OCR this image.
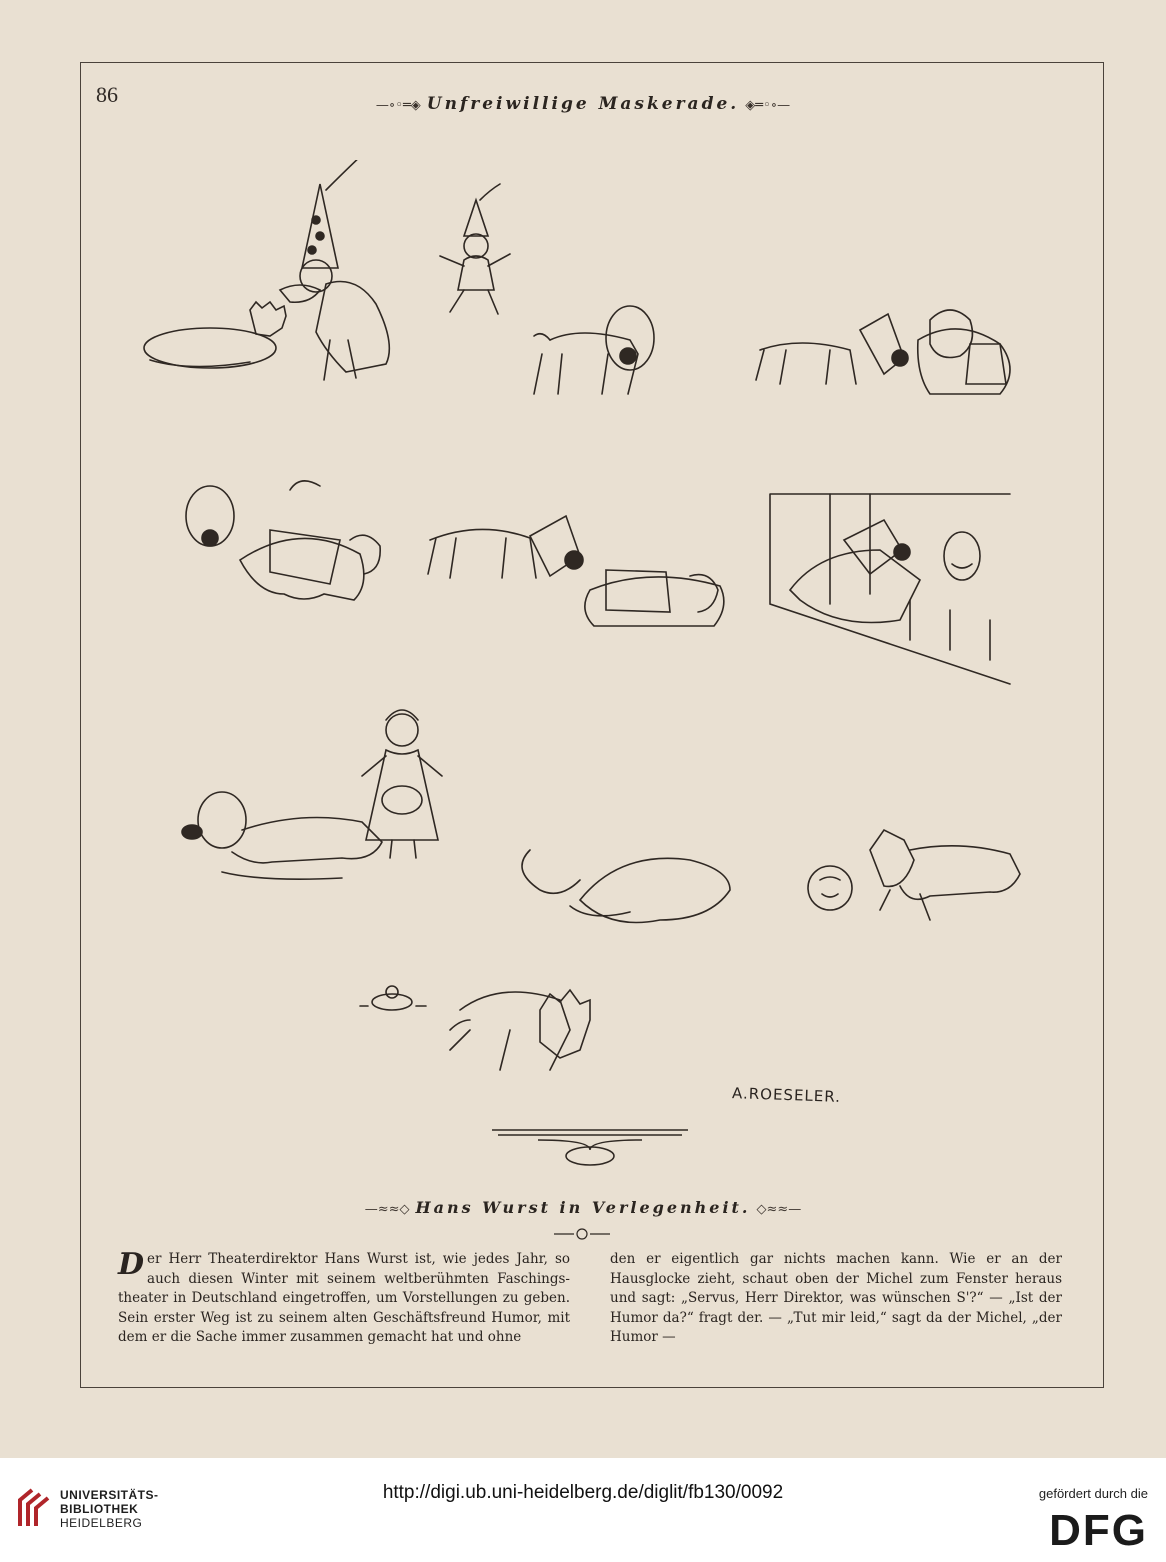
86	—∘◦═◈ Unfreiwillige Maskerade. ◈═◦∘—
A.ROESELER.
—≈≈◇ Hans Wurst in Verlegenheit. ◇≈≈—
Der Herr Theaterdirektor Hans Wurst ist, wie jedes Jahr, so auch diesen Winter mit seinem weltberühmten Faschings-theater in Deutschland eingetroffen, um Vorstellungen zu geben. Sein erster Weg ist zu seinem alten Geschäftsfreund Humor, mit dem er die Sache immer zusammen gemacht hat und ohne
den er eigentlich gar nichts machen kann. Wie er an der Hausglocke zieht, schaut oben der Michel zum Fenster heraus und sagt: „Servus, Herr Direktor, was wünschen S'?“ — „Ist der Humor da?“ fragt der. — „Tut mir leid,“ sagt da der Michel, „der Humor —
UNIVERSITÄTS-
BIBLIOTHEK
HEIDELBERG
http://digi.ub.uni-heidelberg.de/diglit/fb130/0092	gefördert durch die
DFG
